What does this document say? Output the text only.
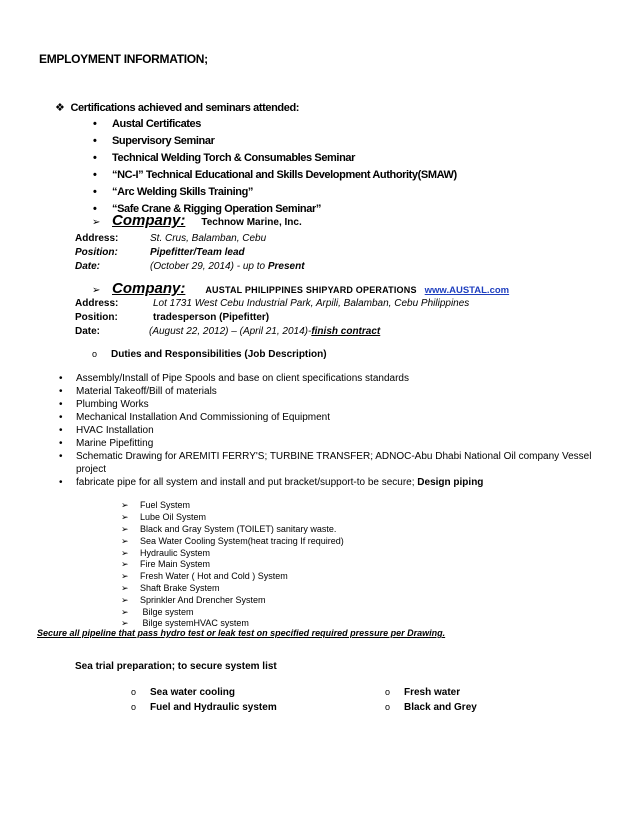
EMPLOYMENT INFORMATION;
❖ Certifications achieved and seminars attended:
• Austal Certificates
• Supervisory Seminar
• Technical Welding Torch & Consumables Seminar
• “NC-I” Technical Educational and Skills Development Authority(SMAW)
• “Arc Welding Skills Training”
• “Safe Crane & Rigging Operation Seminar”
➢ Company: Technow Marine, Inc.
Address:	St. Crus, Balamban, Cebu
Position:	Pipefitter/Team lead
Date:	(October 29, 2014) - up to Present
➢ Company: AUSTAL PHILIPPINES SHIPYARD OPERATIONS www.AUSTAL.com
Address:	Lot 1731 West Cebu Industrial Park, Arpili, Balamban, Cebu Philippines
Position:	tradesperson (Pipefitter)
Date:	(August 22, 2012) – (April 21, 2014)-finish contract
o Duties and Responsibilities (Job Description)
• Assembly/Install of Pipe Spools and base on client specifications standards
• Material Takeoff/Bill of materials
• Plumbing Works
• Mechanical Installation And Commissioning of Equipment
• HVAC Installation
• Marine Pipefitting
• Schematic Drawing for AREMITI FERRY'S; TURBINE TRANSFER; ADNOC-Abu Dhabi National Oil company Vessel
project
• fabricate pipe for all system and install and put bracket/support-to be secure; Design piping
➢ Fuel System
➢ Lube Oil System
➢ Black and Gray System (TOILET) sanitary waste.
➢ Sea Water Cooling System(heat tracing If required)
➢ Hydraulic System
➢ Fire Main System
➢ Fresh Water ( Hot and Cold ) System
➢ Shaft Brake System
➢ Sprinkler And Drencher System
➢ Bilge system
➢ Bilge systemHVAC system
Secure all pipeline that pass hydro test or leak test on specified required pressure per Drawing.
Sea trial preparation; to secure system list
o Sea water cooling
o Fuel and Hydraulic system
o Fresh water
o Black and Grey
